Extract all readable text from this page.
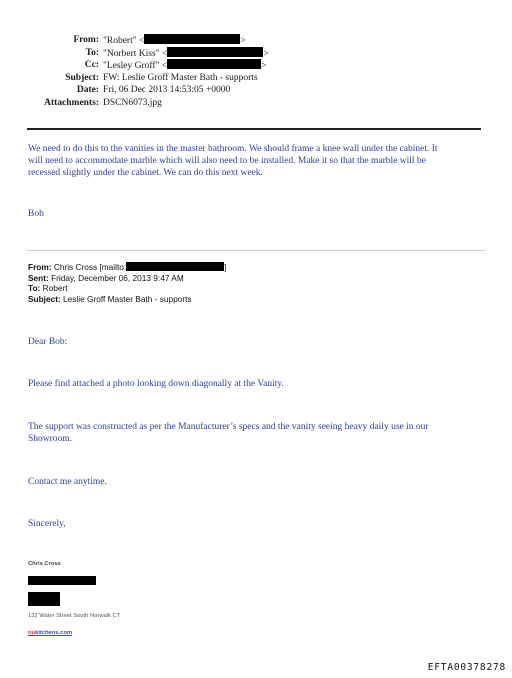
From: "Robert" <	>
To: "Norbert Kiss" <	>
Cc: "Lesley Groff" <	>
Subject: FW: Leslie Groff Master Bath - supports
Date: Fri, 06 Dec 2013 14:53:05 +0000
Attachments: DSCN6073.jpg
We need to do this to the vanities in the master bathroom. We should frame a knee wall under the cabinet. It
will need to accommodate marble which will also need to be installed. Make it so that the marble will be
recessed slightly under the cabinet. We can do this next week.
Bob
From: Chris Cross [mailto:	]
Sent: Friday, December 06, 2013 9:47 AM
To: Robert
Subject: Leslie Groff Master Bath - supports
Dear Bob:
Please find attached a photo looking down diagonally at the Vanity.
The support was constructed as per the Manufacturer’s specs and the vanity seeing heavy daily use in our
Showroom.
Contact me anytime.
Sincerely,
Chris Cross
132 Water Street South Norwalk CT
nukitchens.com
EFTA00378278
